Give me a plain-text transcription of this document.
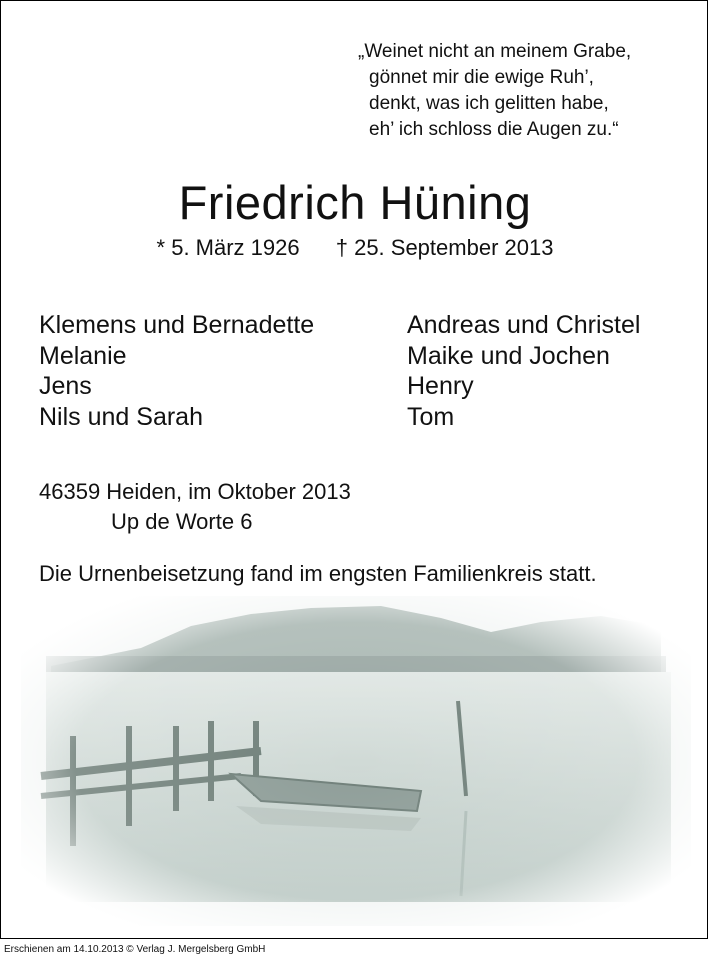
„Weinet nicht an meinem Grabe,
gönnet mir die ewige Ruh’,
denkt, was ich gelitten habe,
eh’ ich schloss die Augen zu.“
Friedrich Hüning
* 5. März 1926 † 25. September 2013
Klemens und Bernadette
Melanie
Jens
Nils und Sarah
Andreas und Christel
Maike und Jochen
Henry
Tom
46359 Heiden, im Oktober 2013
Up de Worte 6
Die Urnenbeisetzung fand im engsten Familienkreis statt.
Erschienen am 14.10.2013 © Verlag J. Mergelsberg GmbH
